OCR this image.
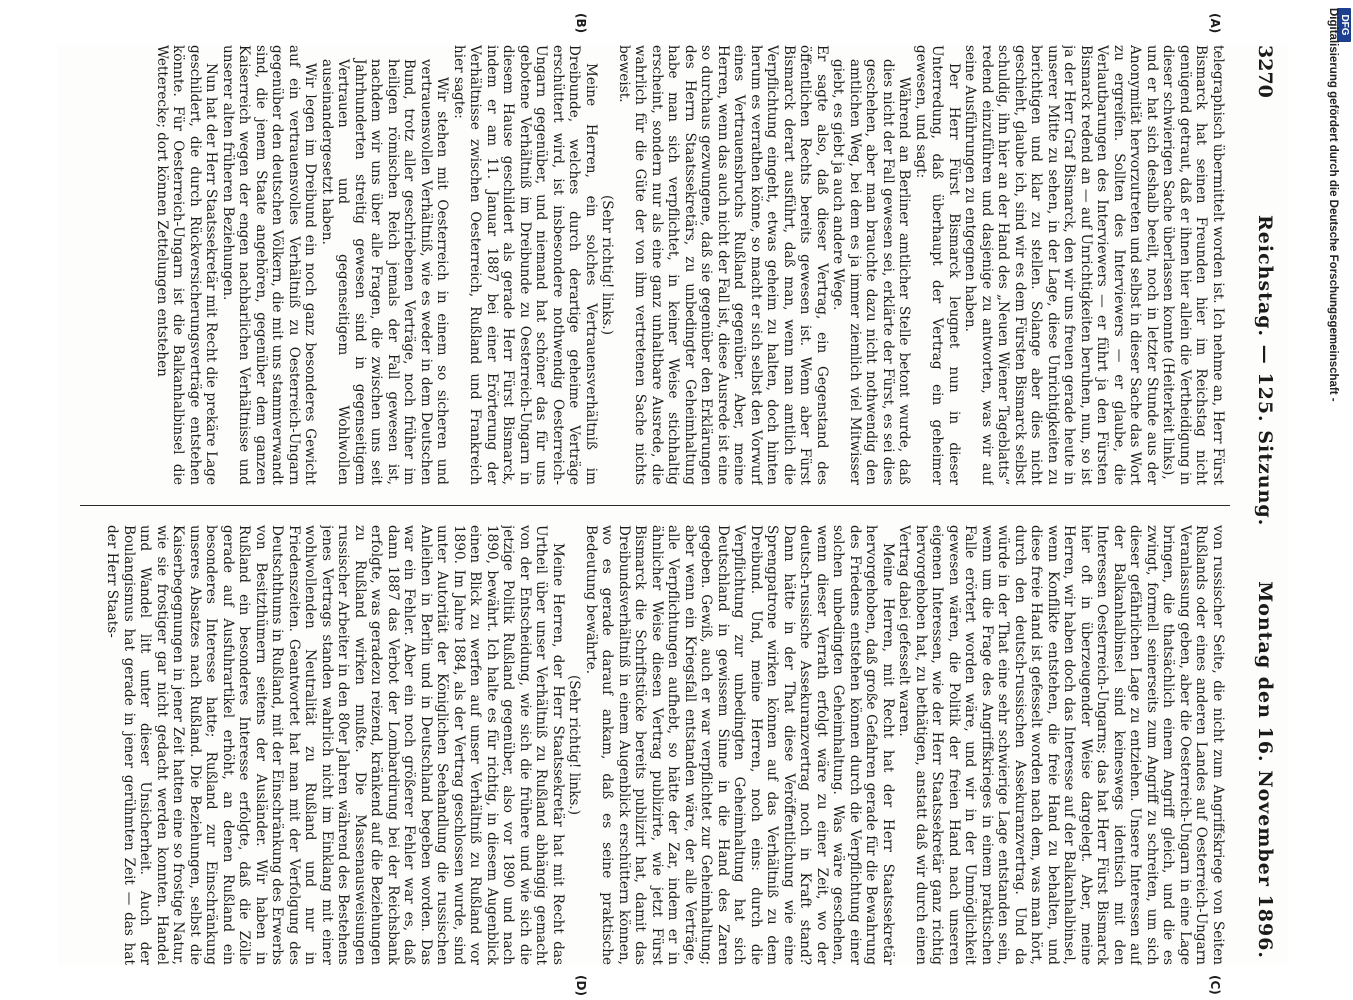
3270
Reichstag. — 125. Sitzung.
Montag den 16. November 1896.
(A)
(B)
(C)
(D)

telegraphisch übermittelt worden ist. Ich nehme an, Herr Fürst Bismarck hat seinen Freunden hier im Reichstag nicht genügend getraut, daß er ihnen hier allein die Vertheidigung in dieser schwierigen Sache überlassen konnte (Heiterkeit links),

und er hat sich deshalb beeilt, noch in letzter Stunde aus der Anonymität hervorzutreten und selbst in dieser Sache das Wort zu ergreifen. Sollten des Interviewers — er glaube, die Verlautbarungen des Interviewers — er führt ja den Fürsten Bismarck redend an — auf Unrichtigkeiten beruhen, nun, so ist ja der Herr Graf Bismarck, den wir uns freuen gerade heute in unserer Mitte zu sehen, in der Lage, diese Unrichtigkeiten zu berichtigen und klar zu stellen. Solange aber dies nicht geschieht, glaube ich, sind wir es dem Fürsten Bismarck selbst schuldig, ihn hier an der Hand des „Neuen Wiener Tageblatts“ redend einzuführen und dasjenige zu antworten, was wir auf seine Ausführungen zu entgegnen haben.

Der Herr Fürst Bismarck leugnet nun in dieser Unterredung, daß überhaupt der Vertrag ein geheimer gewesen, und sagt:

Während an Berliner amtlicher Stelle betont wurde, daß dies nicht der Fall gewesen sei, erklärte der Fürst, es sei dies geschehen, aber man brauchte dazu nicht nothwendig den amtlichen Weg, bei dem es ja immer ziemlich viel Mitwisser giebt, es giebt ja auch andere Wege.

Er sagte also, daß dieser Vertrag, ein Gegenstand des öffentlichen Rechts bereits gewesen ist. Wenn aber Fürst Bismarck derart ausführt, daß man, wenn man amtlich die Verpflichtung eingeht, etwas geheim zu halten, doch hinten herum es verrathen könne, so macht er sich selbst den Vorwurf eines Vertrauensbruchs Rußland gegenüber. Aber, meine Herren, wenn das auch nicht der Fall ist, diese Ausrede ist eine so durchaus gezwungene, daß sie gegenüber den Erklärungen des Herrn Staatssekretärs, zu unbedingter Geheimhaltung habe man sich verpflichtet, in keiner Weise stichhaltig erscheint, sondern nur als eine ganz unhaltbare Ausrede, die wahrlich für die Güte der von ihm vertretenen Sache nichts beweist.

(Sehr richtig! links.)

Meine Herren, ein solches Vertrauensverhältniß im Dreibunde, welches durch derartige geheime Verträge erschüttert wird, ist insbesondere nothwendig Oesterreich-Ungarn gegenüber, und niemand hat schöner das für uns gebotene Verhältniß im Dreibunde zu Oesterreich-Ungarn in diesem Hause geschildert als gerade Herr Fürst Bismarck, indem er am 11. Januar 1887 bei einer Erörterung der Verhältnisse zwischen Oesterreich, Rußland und Frankreich hier sagte:

Wir stehen mit Oesterreich in einem so sicheren und vertrauensvollen Verhältniß, wie es weder in dem Deutschen Bund, trotz aller geschriebenen Verträge, noch früher im heiligen römischen Reich jemals der Fall gewesen ist, nachdem wir uns über alle Fragen, die zwischen uns seit Jahrhunderten streitig gewesen sind in gegenseitigem Vertrauen und gegenseitigem Wohlwollen auseinandergesetzt haben.

Wir legen im Dreibund ein noch ganz besonderes Gewicht auf ein vertrauensvolles Verhältniß zu Oesterreich-Ungarn gegenüber den deutschen Völkern, die mit uns stammverwandt sind, die jenem Staate angehören, gegenüber dem ganzen Kaiserreich wegen der engen nachbarlichen Verhältnisse und unserer alten früheren Beziehungen.

Nun hat der Herr Staatssekretär mit Recht die prekäre Lage geschildert, die durch Rückversicherungsverträge entstehen könnte. Für Oesterreich-Ungarn ist die Balkanhalbinsel die Wetterecke; dort können Zettelungen entstehen

von russischer Seite, die nicht zum Angriffskriege von Seiten Rußlands oder eines anderen Landes auf Oesterreich-Ungarn Veranlassung geben, aber die Oesterreich-Ungarn in eine Lage bringen, die thatsächlich einem Angriff gleich, und die es zwingt, formell seinerseits zum Angriff zu schreiten, um sich dieser gefährlichen Lage zu entziehen. Unsere Interessen auf der Balkanhalbinsel sind keineswegs identisch mit den Interessen Oesterreich-Ungarns; das hat Herr Fürst Bismarck hier oft in überzeugender Weise dargelegt. Aber, meine Herren, wir haben doch das Interesse auf der Balkanhalbinsel, wenn Konflikte entstehen, die freie Hand zu behalten, und diese freie Hand ist gefesselt worden nach dem, was man hört, durch den deutsch-russischen Assekuranzvertrag. Und da würde in der That eine sehr schwierige Lage entstanden sein, wenn um die Frage des Angriffskrieges in einem praktischen Falle erörtert worden wäre, und wir in der Unmöglichkeit gewesen wären, die Politik der freien Hand nach unseren eigenen Interessen, wie der Herr Staatssekretär ganz richtig hervorgehoben hat, zu bethätigen, anstatt daß wir durch einen Vertrag dabei gefesselt waren.

Meine Herren, mit Recht hat der Herr Staatssekretär hervorgehoben, daß große Gefahren gerade für die Bewahrung des Friedens entstehen können durch die Verpflichtung einer solchen unbedingten Geheimhaltung. Was wäre geschehen, wenn dieser Verrath erfolgt wäre zu einer Zeit, wo der deutsch-russische Assekuranzvertrag noch in Kraft stand? Dann hätte in der That diese Veröffentlichung wie eine Sprengpatrone wirken können auf das Verhältniß zu dem Dreibund. Und, meine Herren, noch eins: durch die Verpflichtung zur unbedingten Geheimhaltung hat sich Deutschland in gewissem Sinne in die Hand des Zaren gegeben. Gewiß, auch er war verpflichtet zur Geheimhaltung; aber wenn ein Kriegsfall entstanden wäre, der alle Verträge, alle Verpflichtungen aufhebt, so hätte der Zar, indem er in ähnlicher Weise diesen Vertrag publizirte, wie jetzt Fürst Bismarck die Schriftstücke bereits publizirt hat, damit das Dreibundsverhältniß in einem Augenblick erschüttern können, wo es gerade darauf ankam, daß es seine praktische Bedeutung bewährte.

(Sehr richtig! links.)

Meine Herren, der Herr Staatssekretär hat mit Recht das Urtheil über unser Verhältniß zu Rußland abhängig gemacht von der Entscheidung, wie sich die frühere und wie sich die jetzige Politik Rußland gegenüber, also vor 1890 und nach 1890, bewährt. Ich halte es für richtig, in diesem Augenblick einen Blick zu werfen auf unser Verhältniß zu Rußland vor 1890. Im Jahre 1884, als der Vertrag geschlossen wurde, sind unter Autorität der Königlichen Seehandlung die russischen Anleihen in Berlin und in Deutschland begeben worden. Das war ein Fehler. Aber ein noch größerer Fehler war es, daß dann 1887 das Verbot der Lombardirung bei der Reichsbank erfolgte, was geradezu reizend, kränkend auf die Beziehungen zu Rußland wirken mußte. Die Massenausweisungen russischer Arbeiter in den 80er Jahren während des Bestehens jenes Vertrags standen wahrlich nicht im Einklang mit einer wohlwollenden Neutralität zu Rußland und nur in Friedenszeiten. Geantwortet hat man mit der Verfolgung des Deutschthums in Rußland, mit der Einschränkung des Erwerbs von Besitzthümern seitens der Ausländer. Wir haben in Rußland ein besonderes Interesse erfolgte, daß die Zölle gerade auf Ausfuhrartikel erhöht, an denen Rußland ein besonderes Interesse hatte; Rußland zur Einschränkung unseres Absatzes nach Rußland. Die Beziehungen, selbst die Kaiserbegegnungen in jener Zeit hatten eine so frostige Natur, wie sie frostiger gar nicht gedacht werden konnten. Handel und Wandel litt unter dieser Unsicherheit. Auch der Boulangismus hat gerade in jener gerühmten Zeit — das hat der Herr Staats-

DFG
Digitalisierung gefördert durch die Deutsche Forschungsgemeinschaft -
